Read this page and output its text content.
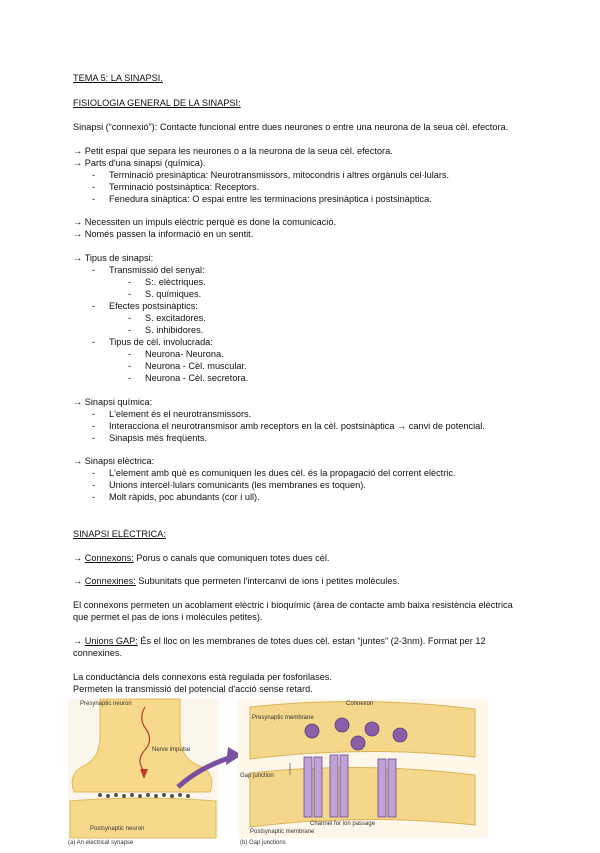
TEMA 5: LA SINAPSI.
FISIOLOGIA GENERAL DE LA SINAPSI:
Sinapsi (“connexió”): Contacte funcional entre dues neurones o entre una neurona de la seua cèl. efectora.
→ Petit espai que separa les neurones o a la neurona de la seua cèl. efectora.
→ Parts d'una sinapsi (química).
- Terminació presinàptica: Neurotransmissors, mitocondris i altres orgànuls cel·lulars.
- Terminació postsinàptica: Receptors.
- Fenedura sinàptica: O espai entre les terminacions presinàptica i postsinàptica.
→ Necessiten un impuls elèctric perquè es done la comunicació.
→ Només passen la informació en un sentit.
→ Tipus de sinapsi:
- Transmissió del senyal:
- S:. elèctriques.
- S. químiques.
- Efectes postsinàptics:
- S. excitadores.
- S. inhibidores.
- Tipus de cèl. involucrada:
- Neurona- Neurona.
- Neurona - Cèl. muscular.
- Neurona - Cèl. secretora.
→ Sinapsi química:
- L'element és el neurotransmissors.
- Interacciona el neurotransmisor amb receptors en la cèl. postsinàptica → canvi de potencial.
- Sinapsis més freqüents.
→ Sinapsi elèctrica:
- L'element amb què es comuniquen les dues cèl. és la propagació del corrent elèctric.
- Unions intercel·lulars comunicants (les membranes es toquen).
- Molt ràpids, poc abundants (cor i ull).
SINAPSI ELÈCTRICA:
→ Connexons: Porus o canals que comuniquen totes dues cèl.
→ Connexines: Subunitats que permeten l'intercanvi de ions i petites molècules.
El connexons permeten un acoblament elèctric i bioquímic (àrea de contacte amb baixa resistència elèctrica
que permet el pas de ions i molècules petites).
→ Unions GAP: És el lloc on les membranes de totes dues cèl. estan “juntes” (2-3nm). Format per 12
connexines.
La conductància dels connexons està regulada per fosforilases.
Permeten la transmissió del potencial d'acció sense retard.
Presynaptic neuron
Nerve impulse
Postsynaptic neuron
Presynaptic membrane
Connexon
Gap junction
Channel for ion passage
Postsynaptic membrane
(a) An electrical synapse	(b) Gap junctions
